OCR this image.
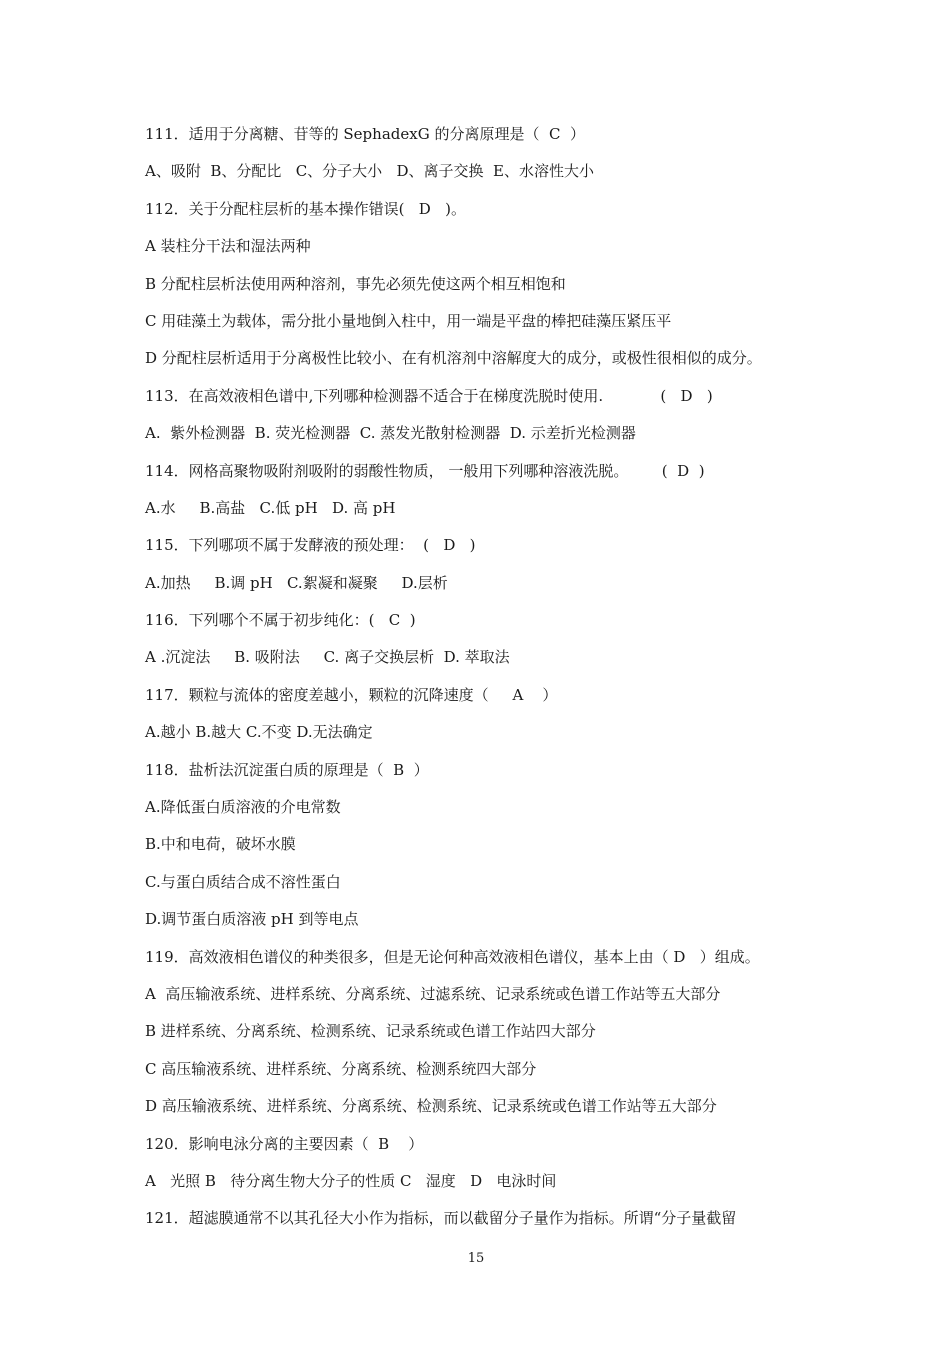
111．适用于分离糖、苷等的 SephadexG 的分离原理是（  C  ）
A、吸附  B、分配比   C、分子大小   D、离子交换  E、水溶性大小
112．关于分配柱层析的基本操作错误(   D   )。
A 装柱分干法和湿法两种
B 分配柱层析法使用两种溶剂，事先必须先使这两个相互相饱和
C 用硅藻土为载体，需分批小量地倒入柱中，用一端是平盘的棒把硅藻压紧压平
D 分配柱层析适用于分离极性比较小、在有机溶剂中溶解度大的成分，或极性很相似的成分。
113．在高效液相色谱中,下列哪种检测器不适合于在梯度洗脱时使用.            (   D   )
A.  紫外检测器  B. 荧光检测器  C. 蒸发光散射检测器  D. 示差折光检测器
114．网格高聚物吸附剂吸附的弱酸性物质， 一般用下列哪种溶液洗脱。       (  D  )
A.水     B.高盐   C.低 pH   D. 高 pH
115．下列哪项不属于发酵液的预处理：  (   D   )
A.加热     B.调 pH   C.絮凝和凝聚     D.层析
116．下列哪个不属于初步纯化：(   C  )
A .沉淀法     B. 吸附法     C. 离子交换层析  D. 萃取法
117．颗粒与流体的密度差越小，颗粒的沉降速度（     A    ）
A.越小 B.越大 C.不变 D.无法确定
118．盐析法沉淀蛋白质的原理是（  B  ）
A.降低蛋白质溶液的介电常数
B.中和电荷，破坏水膜
C.与蛋白质结合成不溶性蛋白
D.调节蛋白质溶液 pH 到等电点
119．高效液相色谱仪的种类很多，但是无论何种高效液相色谱仪，基本上由（ D   ）组成。
A  高压输液系统、进样系统、分离系统、过滤系统、记录系统或色谱工作站等五大部分
B 进样系统、分离系统、检测系统、记录系统或色谱工作站四大部分
C 高压输液系统、进样系统、分离系统、检测系统四大部分
D 高压输液系统、进样系统、分离系统、检测系统、记录系统或色谱工作站等五大部分
120．影响电泳分离的主要因素（  B    ）
A   光照 B   待分离生物大分子的性质 C   湿度   D   电泳时间
121．超滤膜通常不以其孔径大小作为指标，而以截留分子量作为指标。所谓“分子量截留
15
